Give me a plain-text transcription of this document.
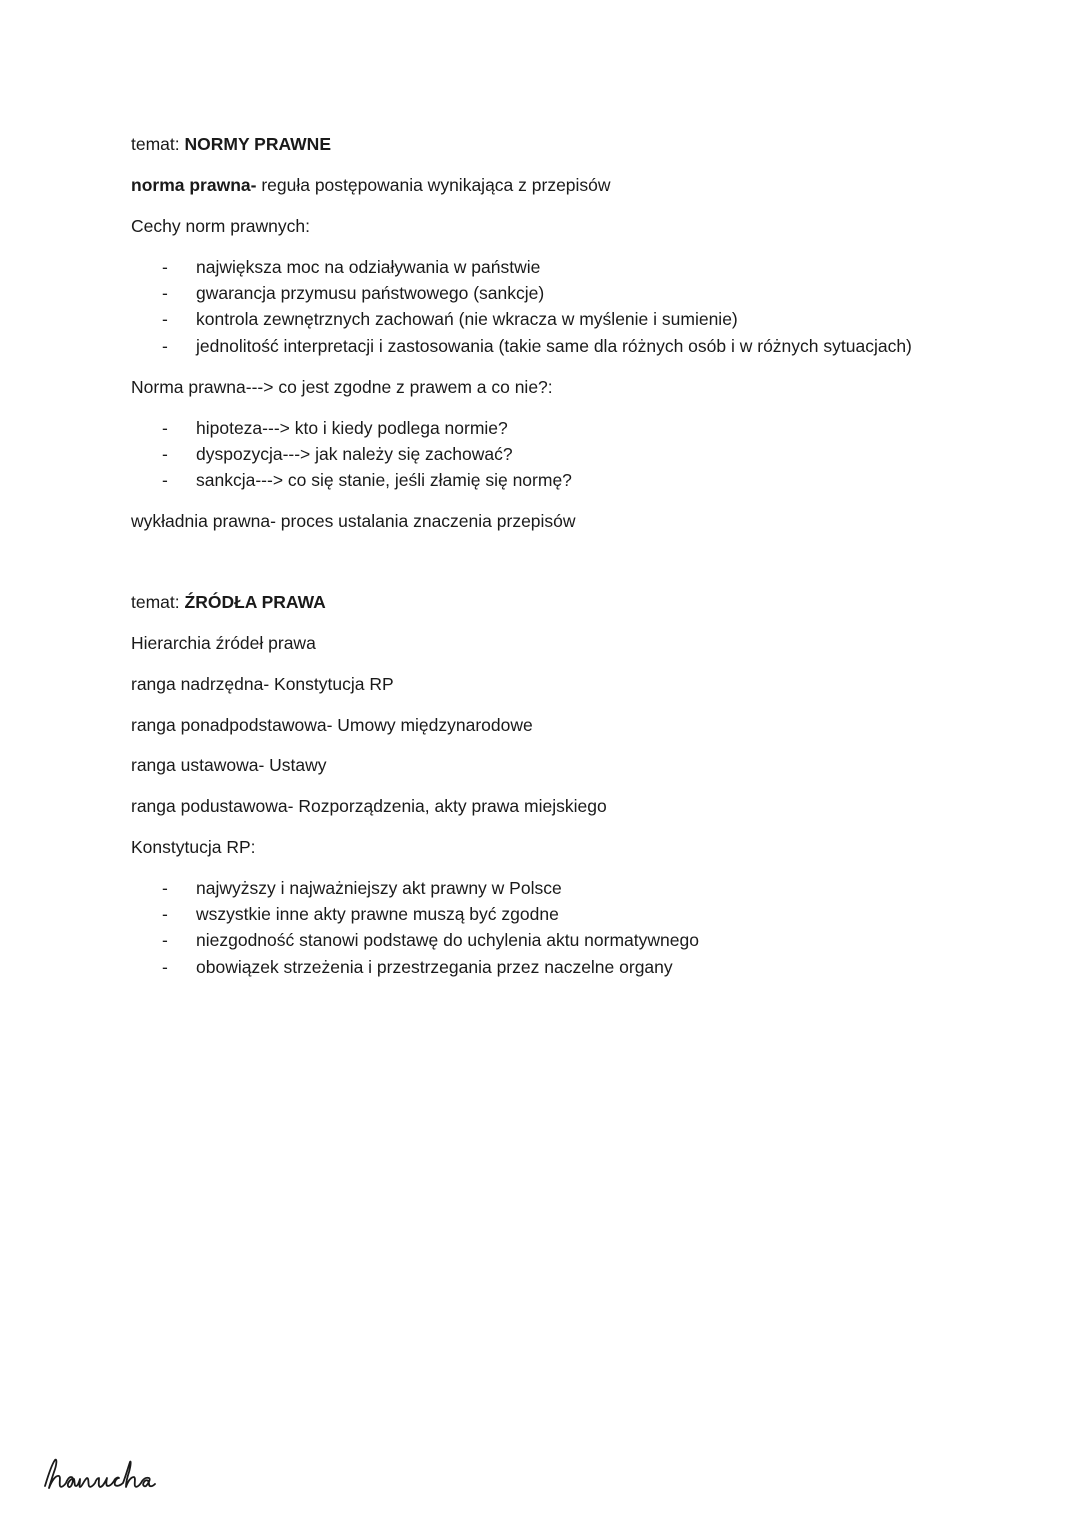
temat: NORMY PRAWNE
norma prawna- reguła postępowania wynikająca z przepisów
Cechy norm prawnych:
-	największa moc na odziaływania w państwie
-	gwarancja przymusu państwowego (sankcje)
-	kontrola zewnętrznych zachowań (nie wkracza w myślenie i sumienie)
-	jednolitość interpretacji i zastosowania (takie same dla różnych osób i w różnych sytuacjach)
Norma prawna---> co jest zgodne z prawem a co nie?:
-	hipoteza---> kto i kiedy podlega normie?
-	dyspozycja---> jak należy się zachować?
-	sankcja---> co się stanie, jeśli złamię się normę?
wykładnia prawna- proces ustalania znaczenia przepisów
temat: ŹRÓDŁA PRAWA
Hierarchia źródeł prawa
ranga nadrzędna- Konstytucja RP
ranga ponadpodstawowa- Umowy międzynarodowe
ranga ustawowa- Ustawy
ranga podustawowa- Rozporządzenia, akty prawa miejskiego
Konstytucja RP:
-	najwyższy i najważniejszy akt prawny w Polsce
-	wszystkie inne akty prawne muszą być zgodne
-	niezgodność stanowi podstawę do uchylenia aktu normatywnego
-	obowiązek strzeżenia i przestrzegania przez naczelne organy
